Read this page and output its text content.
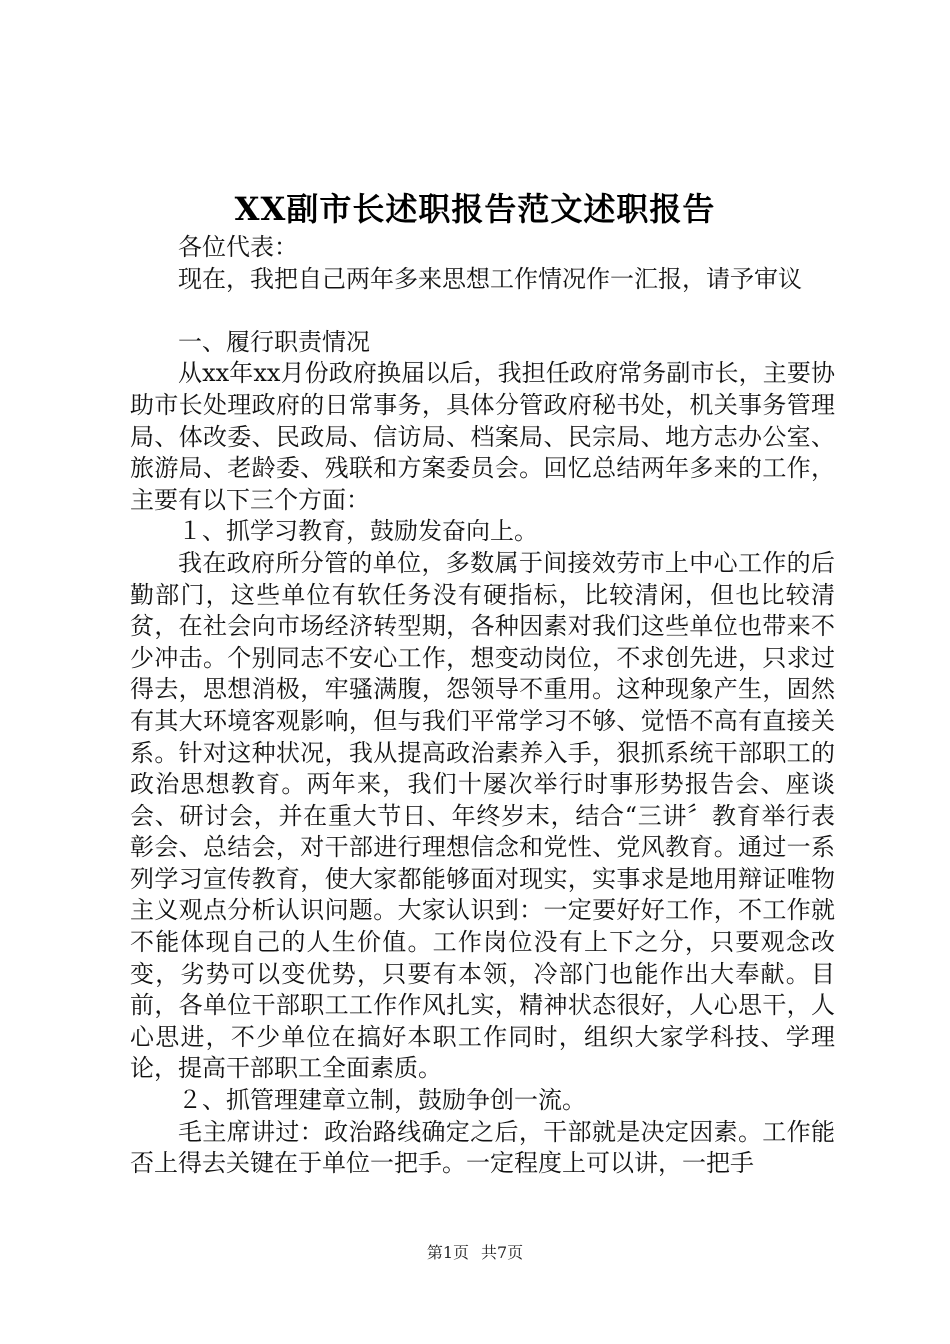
XX副市长述职报告范文述职报告

各位代表：

现在，我把自己两年多来思想工作情况作一汇报，请予审议

一、履行职责情况

从xx年xx月份政府换届以后，我担任政府常务副市长，主要协助市长处理政府的日常事务，具体分管政府秘书处，机关事务管理局、体改委、民政局、信访局、档案局、民宗局、地方志办公室、旅游局、老龄委、残联和方案委员会。回忆总结两年多来的工作，主要有以下三个方面：

１、抓学习教育，鼓励发奋向上。

我在政府所分管的单位，多数属于间接效劳市上中心工作的后勤部门，这些单位有软任务没有硬指标，比较清闲，但也比较清贫，在社会向市场经济转型期，各种因素对我们这些单位也带来不少冲击。个别同志不安心工作，想变动岗位，不求创先进，只求过得去，思想消极，牢骚满腹，怨领导不重用。这种现象产生，固然有其大环境客观影响，但与我们平常学习不够、觉悟不高有直接关系。针对这种状况，我从提高政治素养入手，狠抓系统干部职工的政治思想教育。两年来，我们十屡次举行时事形势报告会、座谈会、研讨会，并在重大节日、年终岁末，结合“三讲〞教育举行表彰会、总结会，对干部进行理想信念和党性、党风教育。通过一系列学习宣传教育，使大家都能够面对现实，实事求是地用辩证唯物主义观点分析认识问题。大家认识到：一定要好好工作，不工作就不能体现自己的人生价值。工作岗位没有上下之分，只要观念改变，劣势可以变优势，只要有本领，冷部门也能作出大奉献。目前，各单位干部职工工作作风扎实，精神状态很好，人心思干，人心思进，不少单位在搞好本职工作同时，组织大家学科技、学理论，提高干部职工全面素质。

２、抓管理建章立制，鼓励争创一流。

毛主席讲过：政治路线确定之后，干部就是决定因素。工作能否上得去关键在于单位一把手。一定程度上可以讲，一把手

第1页 共7页
